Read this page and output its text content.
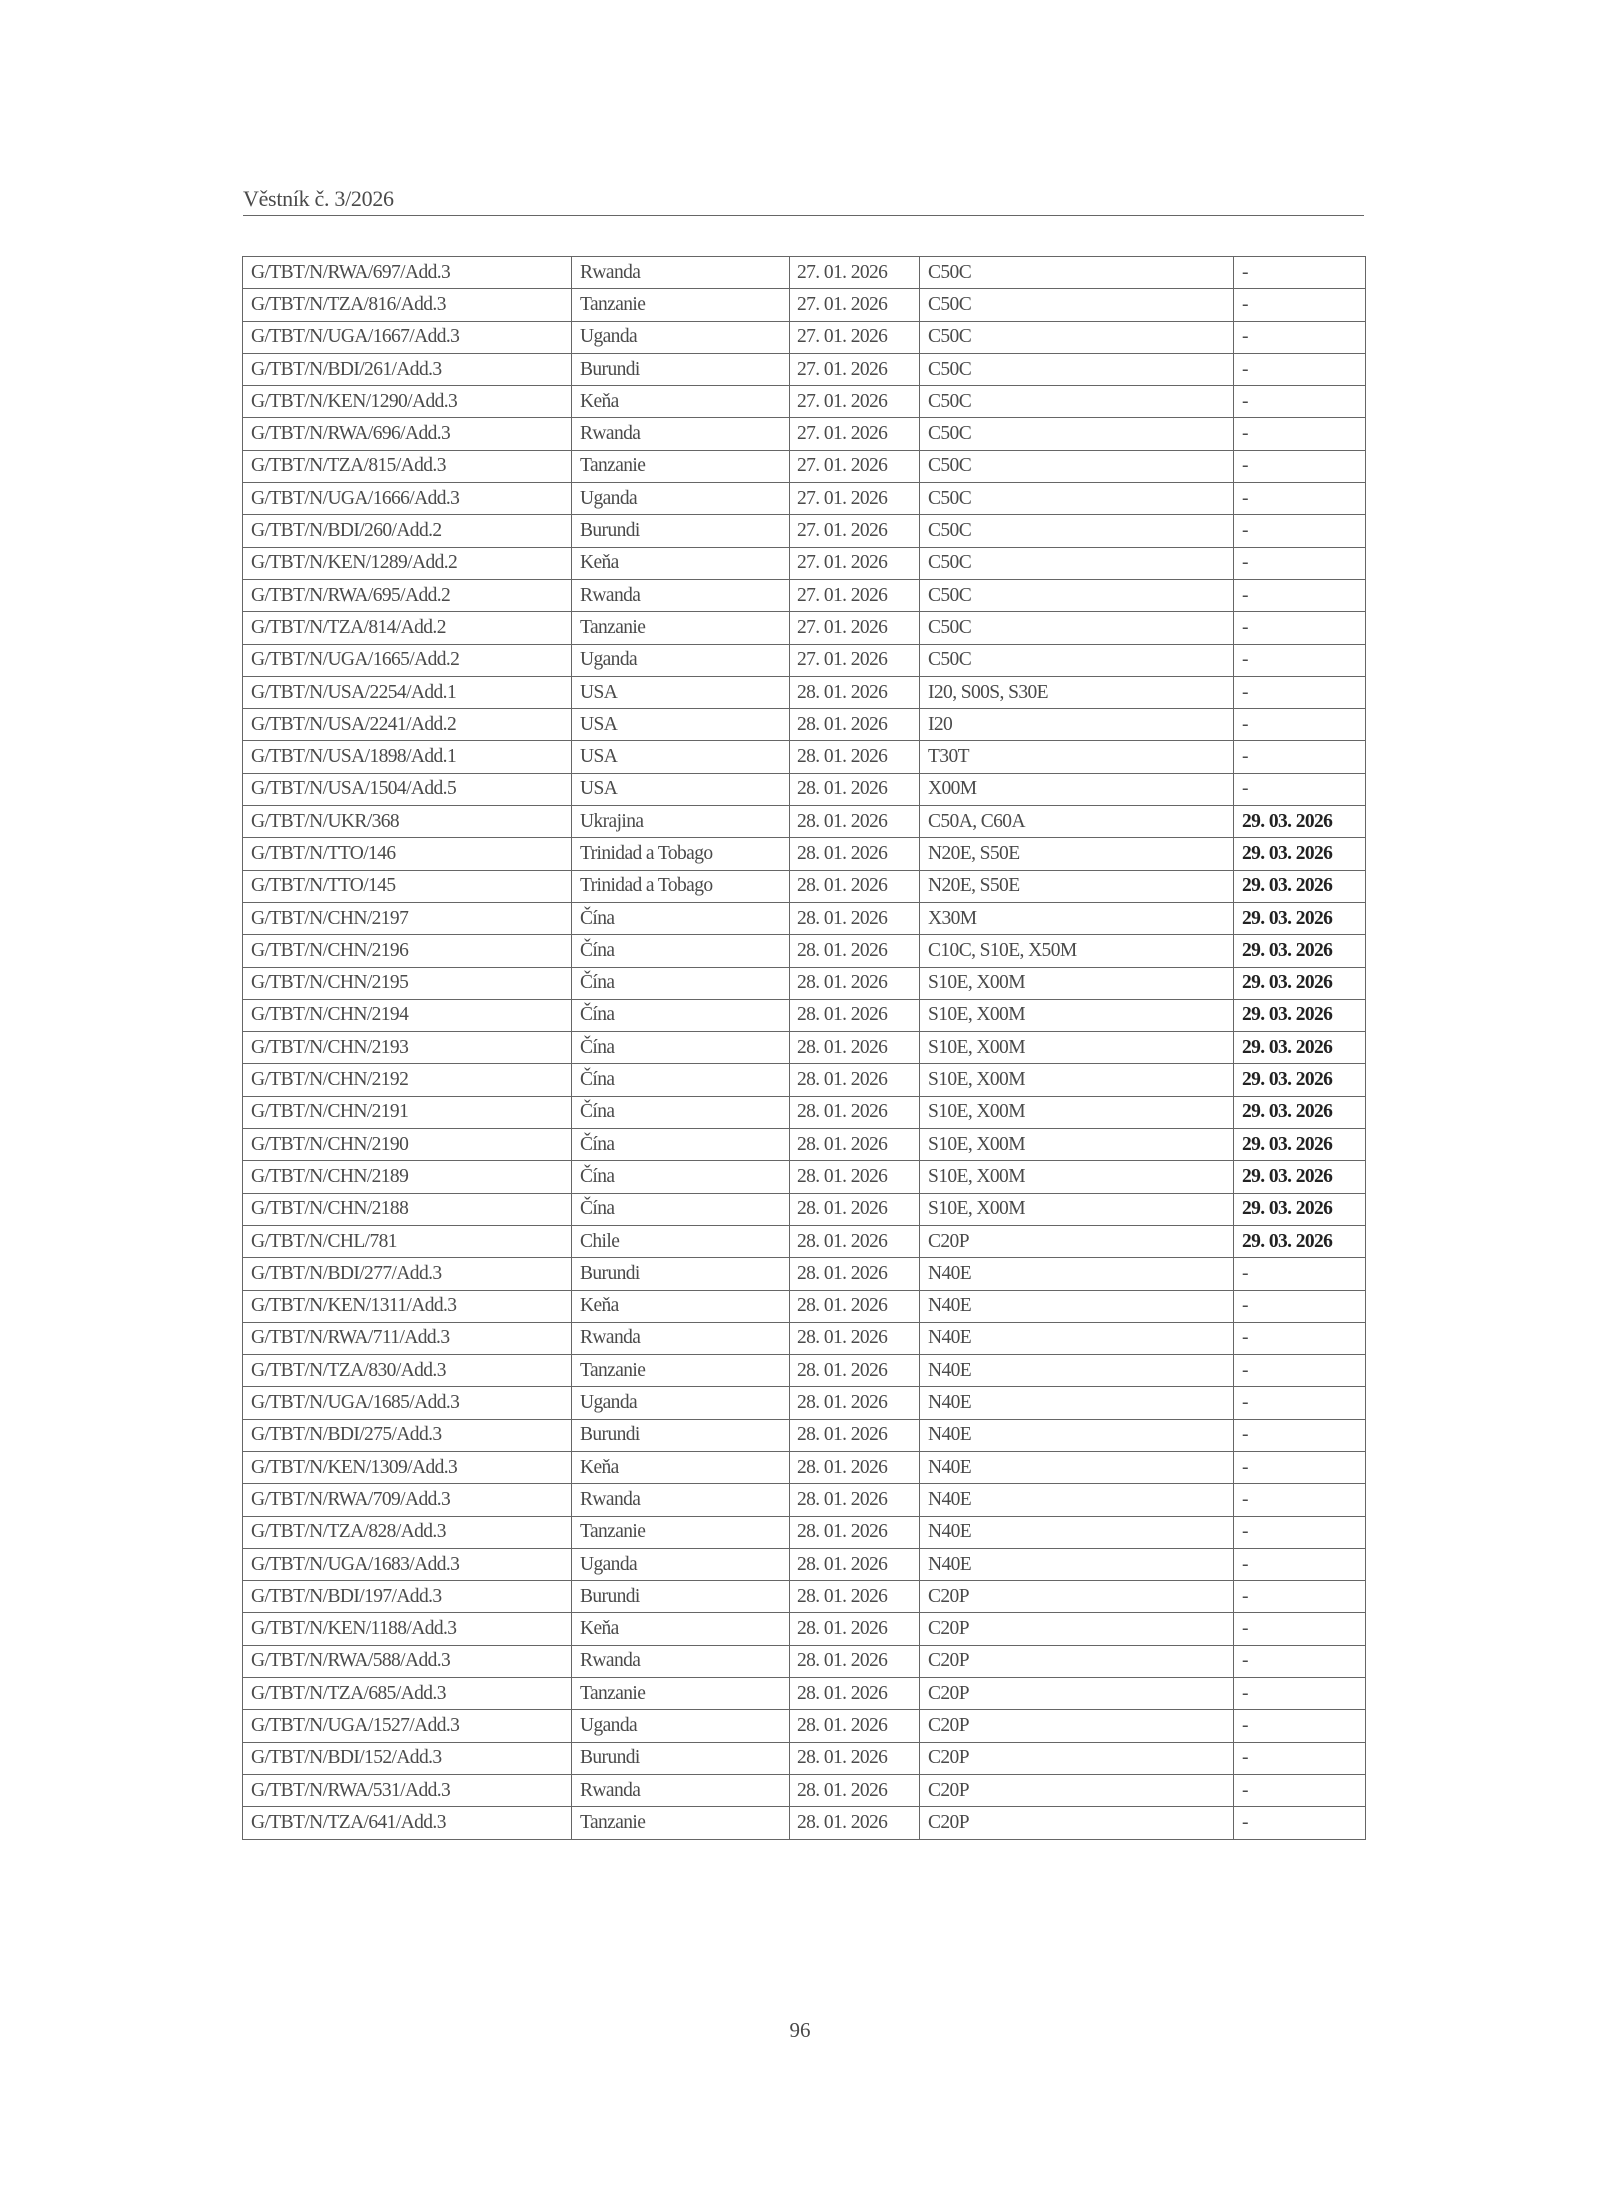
Věstník č. 3/2026
G/TBT/N/RWA/697/Add.3	Rwanda	27. 01. 2026	C50C	-
G/TBT/N/TZA/816/Add.3	Tanzanie	27. 01. 2026	C50C	-
G/TBT/N/UGA/1667/Add.3	Uganda	27. 01. 2026	C50C	-
G/TBT/N/BDI/261/Add.3	Burundi	27. 01. 2026	C50C	-
G/TBT/N/KEN/1290/Add.3	Keňa	27. 01. 2026	C50C	-
G/TBT/N/RWA/696/Add.3	Rwanda	27. 01. 2026	C50C	-
G/TBT/N/TZA/815/Add.3	Tanzanie	27. 01. 2026	C50C	-
G/TBT/N/UGA/1666/Add.3	Uganda	27. 01. 2026	C50C	-
G/TBT/N/BDI/260/Add.2	Burundi	27. 01. 2026	C50C	-
G/TBT/N/KEN/1289/Add.2	Keňa	27. 01. 2026	C50C	-
G/TBT/N/RWA/695/Add.2	Rwanda	27. 01. 2026	C50C	-
G/TBT/N/TZA/814/Add.2	Tanzanie	27. 01. 2026	C50C	-
G/TBT/N/UGA/1665/Add.2	Uganda	27. 01. 2026	C50C	-
G/TBT/N/USA/2254/Add.1	USA	28. 01. 2026	I20, S00S, S30E	-
G/TBT/N/USA/2241/Add.2	USA	28. 01. 2026	I20	-
G/TBT/N/USA/1898/Add.1	USA	28. 01. 2026	T30T	-
G/TBT/N/USA/1504/Add.5	USA	28. 01. 2026	X00M	-
G/TBT/N/UKR/368	Ukrajina	28. 01. 2026	C50A, C60A	29. 03. 2026
G/TBT/N/TTO/146	Trinidad a Tobago	28. 01. 2026	N20E, S50E	29. 03. 2026
G/TBT/N/TTO/145	Trinidad a Tobago	28. 01. 2026	N20E, S50E	29. 03. 2026
G/TBT/N/CHN/2197	Čína	28. 01. 2026	X30M	29. 03. 2026
G/TBT/N/CHN/2196	Čína	28. 01. 2026	C10C, S10E, X50M	29. 03. 2026
G/TBT/N/CHN/2195	Čína	28. 01. 2026	S10E, X00M	29. 03. 2026
G/TBT/N/CHN/2194	Čína	28. 01. 2026	S10E, X00M	29. 03. 2026
G/TBT/N/CHN/2193	Čína	28. 01. 2026	S10E, X00M	29. 03. 2026
G/TBT/N/CHN/2192	Čína	28. 01. 2026	S10E, X00M	29. 03. 2026
G/TBT/N/CHN/2191	Čína	28. 01. 2026	S10E, X00M	29. 03. 2026
G/TBT/N/CHN/2190	Čína	28. 01. 2026	S10E, X00M	29. 03. 2026
G/TBT/N/CHN/2189	Čína	28. 01. 2026	S10E, X00M	29. 03. 2026
G/TBT/N/CHN/2188	Čína	28. 01. 2026	S10E, X00M	29. 03. 2026
G/TBT/N/CHL/781	Chile	28. 01. 2026	C20P	29. 03. 2026
G/TBT/N/BDI/277/Add.3	Burundi	28. 01. 2026	N40E	-
G/TBT/N/KEN/1311/Add.3	Keňa	28. 01. 2026	N40E	-
G/TBT/N/RWA/711/Add.3	Rwanda	28. 01. 2026	N40E	-
G/TBT/N/TZA/830/Add.3	Tanzanie	28. 01. 2026	N40E	-
G/TBT/N/UGA/1685/Add.3	Uganda	28. 01. 2026	N40E	-
G/TBT/N/BDI/275/Add.3	Burundi	28. 01. 2026	N40E	-
G/TBT/N/KEN/1309/Add.3	Keňa	28. 01. 2026	N40E	-
G/TBT/N/RWA/709/Add.3	Rwanda	28. 01. 2026	N40E	-
G/TBT/N/TZA/828/Add.3	Tanzanie	28. 01. 2026	N40E	-
G/TBT/N/UGA/1683/Add.3	Uganda	28. 01. 2026	N40E	-
G/TBT/N/BDI/197/Add.3	Burundi	28. 01. 2026	C20P	-
G/TBT/N/KEN/1188/Add.3	Keňa	28. 01. 2026	C20P	-
G/TBT/N/RWA/588/Add.3	Rwanda	28. 01. 2026	C20P	-
G/TBT/N/TZA/685/Add.3	Tanzanie	28. 01. 2026	C20P	-
G/TBT/N/UGA/1527/Add.3	Uganda	28. 01. 2026	C20P	-
G/TBT/N/BDI/152/Add.3	Burundi	28. 01. 2026	C20P	-
G/TBT/N/RWA/531/Add.3	Rwanda	28. 01. 2026	C20P	-
G/TBT/N/TZA/641/Add.3	Tanzanie	28. 01. 2026	C20P	-
96
